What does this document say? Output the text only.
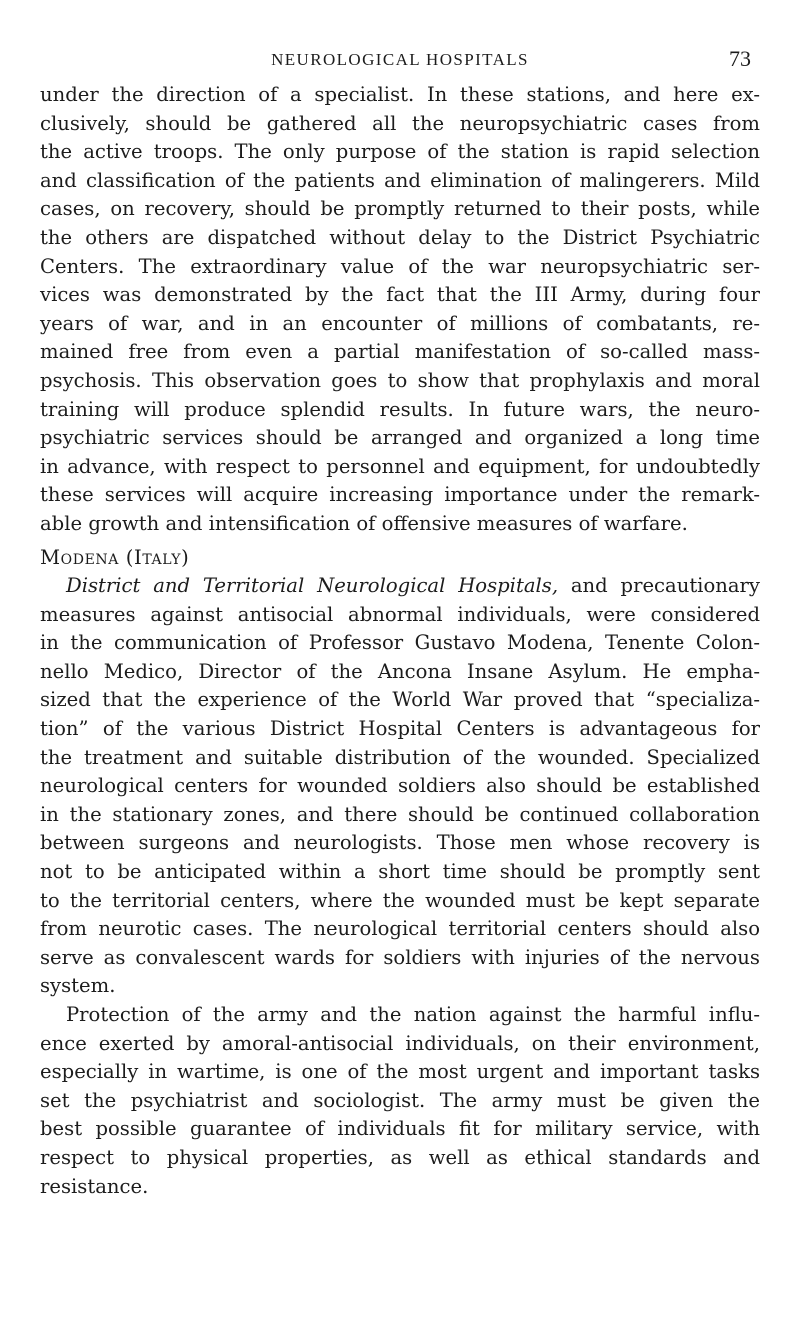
NEUROLOGICAL HOSPITALS	73
under the direction of a specialist. In these stations, and here ex-
clusively, should be gathered all the neuropsychiatric cases from
the active troops. The only purpose of the station is rapid selection
and classification of the patients and elimination of malingerers. Mild
cases, on recovery, should be promptly returned to their posts, while
the others are dispatched without delay to the District Psychiatric
Centers. The extraordinary value of the war neuropsychiatric ser-
vices was demonstrated by the fact that the III Army, during four
years of war, and in an encounter of millions of combatants, re-
mained free from even a partial manifestation of so-called mass-
psychosis. This observation goes to show that prophylaxis and moral
training will produce splendid results. In future wars, the neuro-
psychiatric services should be arranged and organized a long time
in advance, with respect to personnel and equipment, for undoubtedly
these services will acquire increasing importance under the remark-
able growth and intensification of offensive measures of warfare.
Modena (Italy)
District and Territorial Neurological Hospitals, and precautionary
measures against antisocial abnormal individuals, were considered
in the communication of Professor Gustavo Modena, Tenente Colon-
nello Medico, Director of the Ancona Insane Asylum. He empha-
sized that the experience of the World War proved that “specializa-
tion” of the various District Hospital Centers is advantageous for
the treatment and suitable distribution of the wounded. Specialized
neurological centers for wounded soldiers also should be established
in the stationary zones, and there should be continued collaboration
between surgeons and neurologists. Those men whose recovery is
not to be anticipated within a short time should be promptly sent
to the territorial centers, where the wounded must be kept separate
from neurotic cases. The neurological territorial centers should also
serve as convalescent wards for soldiers with injuries of the nervous
system.
Protection of the army and the nation against the harmful influ-
ence exerted by amoral-antisocial individuals, on their environment,
especially in wartime, is one of the most urgent and important tasks
set the psychiatrist and sociologist. The army must be given the
best possible guarantee of individuals fit for military service, with
respect to physical properties, as well as ethical standards and
resistance.
